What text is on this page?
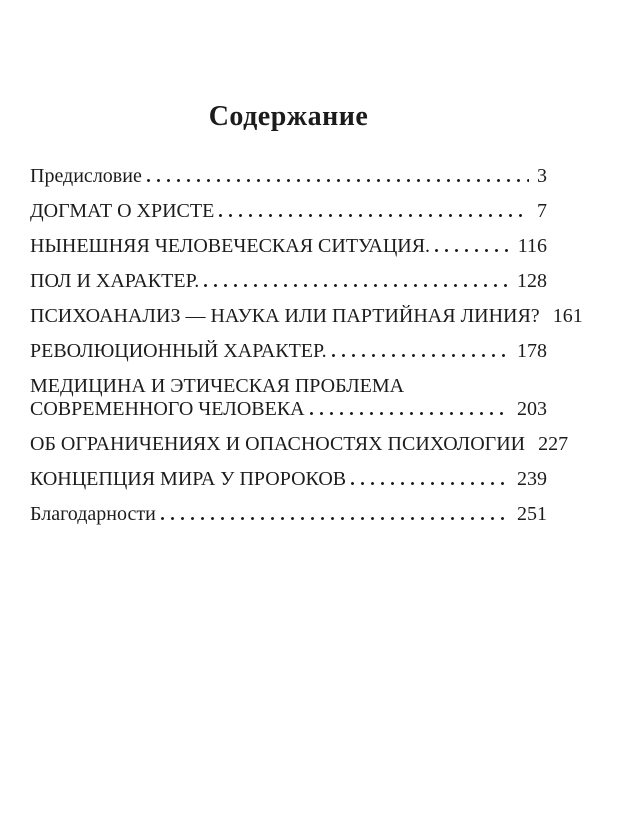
Содержание
Предисловие	3
ДОГМАТ О ХРИСТЕ	7
НЫНЕШНЯЯ ЧЕЛОВЕЧЕСКАЯ СИТУАЦИЯ.	116
ПОЛ И ХАРАКТЕР.	128
ПСИХОАНАЛИЗ — НАУКА ИЛИ ПАРТИЙНАЯ ЛИНИЯ? 161
РЕВОЛЮЦИОННЫЙ ХАРАКТЕР.	178
МЕДИЦИНА И ЭТИЧЕСКАЯ ПРОБЛЕМА
СОВРЕМЕННОГО ЧЕЛОВЕКА	203
ОБ ОГРАНИЧЕНИЯХ И ОПАСНОСТЯХ ПСИХОЛОГИИ 227
КОНЦЕПЦИЯ МИРА У ПРОРОКОВ	239
Благодарности	251
